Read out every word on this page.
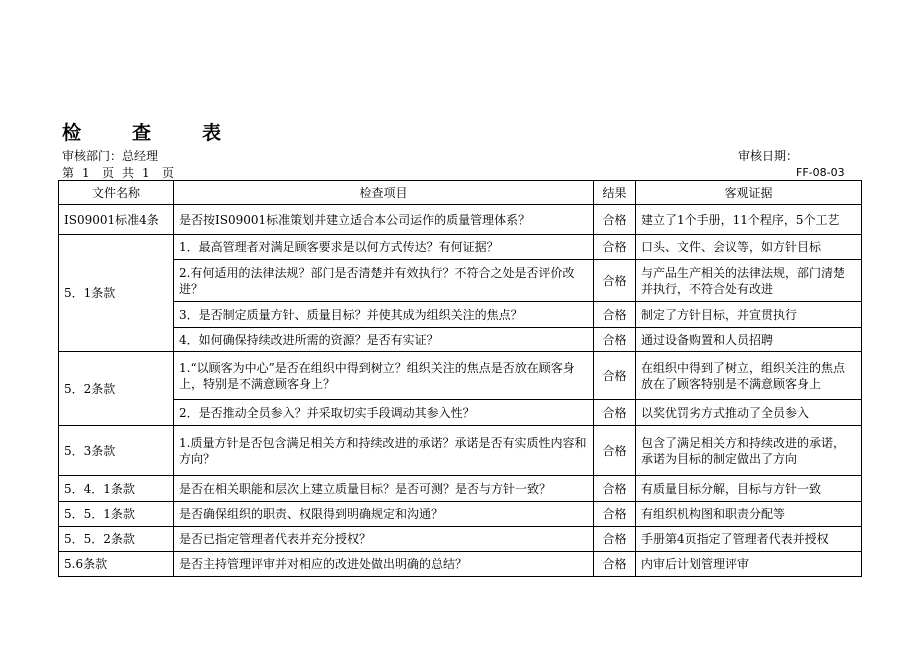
检	查	表
审核部门：总经理	审核日期：
第 1 页 共 1 页	FF-08-03
文件名称	检查项目	结果	客观证据
IS09001标准4条	是否按IS09001标准策划并建立适合本公司运作的质量管理体系？	合格	建立了1个手册，11个程序，5个工艺
5．1条款	1．最高管理者对满足顾客要求是以何方式传达？有何证据？	合格	口头、文件、会议等，如方针目标
	2.有何适用的法律法规？部门是否清楚并有效执行？不符合之处是否评价改进？	合格	与产品生产相关的法律法规，部门清楚并执行，不符合处有改进
	3．是否制定质量方针、质量目标？并使其成为组织关注的焦点？	合格	制定了方针目标，并宣贯执行
	4．如何确保持续改进所需的资源？是否有实证？	合格	通过设备购置和人员招聘
5．2条款	1.“以顾客为中心”是否在组织中得到树立？组织关注的焦点是否放在顾客身上，特别是不满意顾客身上？	合格	在组织中得到了树立，组织关注的焦点放在了顾客特别是不满意顾客身上
	2．是否推动全员参入？并采取切实手段调动其参入性？	合格	以奖优罚劣方式推动了全员参入
5．3条款	1.质量方针是否包含满足相关方和持续改进的承诺？承诺是否有实质性内容和方向？	合格	包含了满足相关方和持续改进的承诺，承诺为目标的制定做出了方向
5．4．1条款	是否在相关职能和层次上建立质量目标？是否可测？是否与方针一致？	合格	有质量目标分解，目标与方针一致
5．5．1条款	是否确保组织的职责、权限得到明确规定和沟通？	合格	有组织机构图和职责分配等
5．5．2条款	是否已指定管理者代表并充分授权？	合格	手册第4页指定了管理者代表并授权
5.6条款	是否主持管理评审并对相应的改进处做出明确的总结？	合格	内审后计划管理评审
